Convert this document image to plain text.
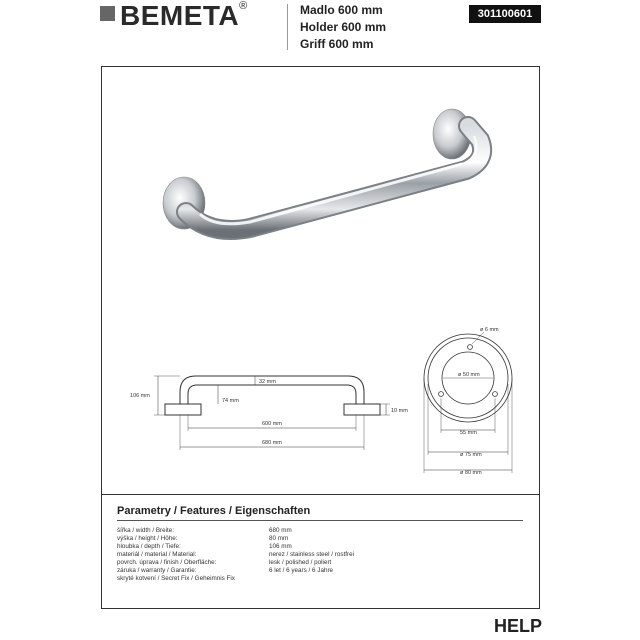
BEMETA®	Madlo 600 mm
Holder 600 mm
Griff 600 mm
301100601
106 mm
74 mm
32 mm
600 mm
680 mm
10 mm
ø 6 mm
ø 50 mm
55 mm
ø 75 mm
ø 80 mm
Parametry / Features / Eigenschaften
šířka / width / Breite:	680 mm
výška / height / Höhe:	80 mm
hloubka / depth / Tiefe:	106 mm
materiál / material / Material:	nerez / stainless steel / rostfrei
povrch. úprava / finish / Oberfläche:	lesk / polished / poliert
záruka / warranty / Garantie:	6 let / 6 years / 6 Jahre
skryté kotvení / Secret Fix / Geheimnis Fix
HELP
